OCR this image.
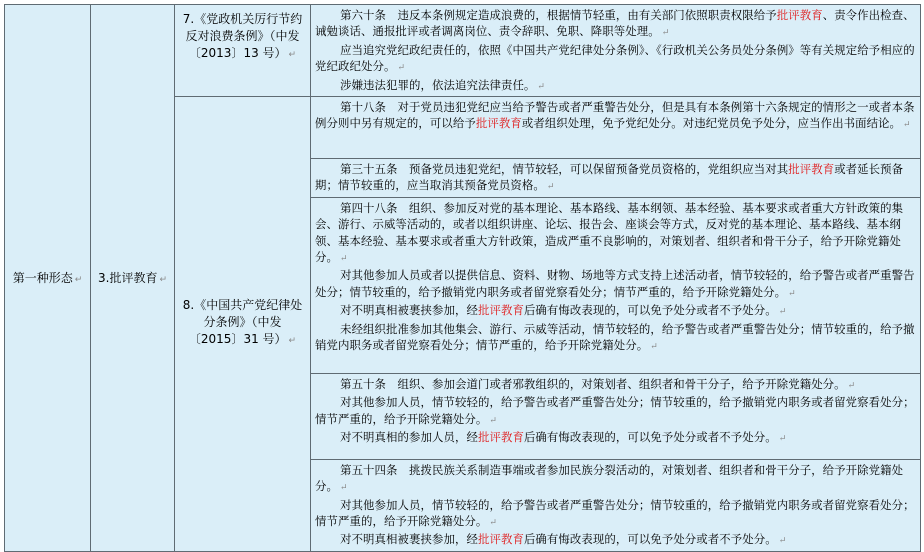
第一种形态 ↵	3.批评教育 ↵	7.《党政机关厉行节约反对浪费条例》（中发〔2013〕13 号） ↵	第六十条　违反本条例规定造成浪费的，根据情节轻重，由有关部门依照职责权限给予批评教育、责令作出检查、诫勉谈话、通报批评或者调离岗位、责令辞职、免职、降职等处理。 ↵

应当追究党纪政纪责任的，依照《中国共产党纪律处分条例》、《行政机关公务员处分条例》等有关规定给予相应的党纪政纪处分。 ↵

涉嫌违法犯罪的，依法追究法律责任。 ↵

		8.《中国共产党纪律处分条例》（中发〔2015〕31 号） ↵	第十八条　对于党员违犯党纪应当给予警告或者严重警告处分，但是具有本条例第十六条规定的情形之一或者本条例分则中另有规定的，可以给予批评教育或者组织处理，免予党纪处分。对违纪党员免予处分，应当作出书面结论。 ↵

			第三十五条　预备党员违犯党纪，情节较轻，可以保留预备党员资格的，党组织应当对其批评教育或者延长预备期；情节较重的，应当取消其预备党员资格。 ↵

			第四十八条　组织、参加反对党的基本理论、基本路线、基本纲领、基本经验、基本要求或者重大方针政策的集会、游行、示威等活动的，或者以组织讲座、论坛、报告会、座谈会等方式，反对党的基本理论、基本路线、基本纲领、基本经验、基本要求或者重大方针政策，造成严重不良影响的，对策划者、组织者和骨干分子，给予开除党籍处分。 ↵

对其他参加人员或者以提供信息、资料、财物、场地等方式支持上述活动者，情节较轻的，给予警告或者严重警告处分；情节较重的，给予撤销党内职务或者留党察看处分；情节严重的，给予开除党籍处分。 ↵

对不明真相被裹挟参加，经批评教育后确有悔改表现的，可以免予处分或者不予处分。 ↵

未经组织批准参加其他集会、游行、示威等活动，情节较轻的，给予警告或者严重警告处分；情节较重的，给予撤销党内职务或者留党察看处分；情节严重的，给予开除党籍处分。 ↵

			第五十条　组织、参加会道门或者邪教组织的，对策划者、组织者和骨干分子，给予开除党籍处分。 ↵

对其他参加人员，情节较轻的，给予警告或者严重警告处分；情节较重的，给予撤销党内职务或者留党察看处分；情节严重的，给予开除党籍处分。 ↵

对不明真相的参加人员，经批评教育后确有悔改表现的，可以免予处分或者不予处分。 ↵

			第五十四条　挑拨民族关系制造事端或者参加民族分裂活动的，对策划者、组织者和骨干分子，给予开除党籍处分。 ↵

对其他参加人员，情节较轻的，给予警告或者严重警告处分；情节较重的，给予撤销党内职务或者留党察看处分；情节严重的，给予开除党籍处分。 ↵

对不明真相被裹挟参加，经批评教育后确有悔改表现的，可以免予处分或者不予处分。 ↵
